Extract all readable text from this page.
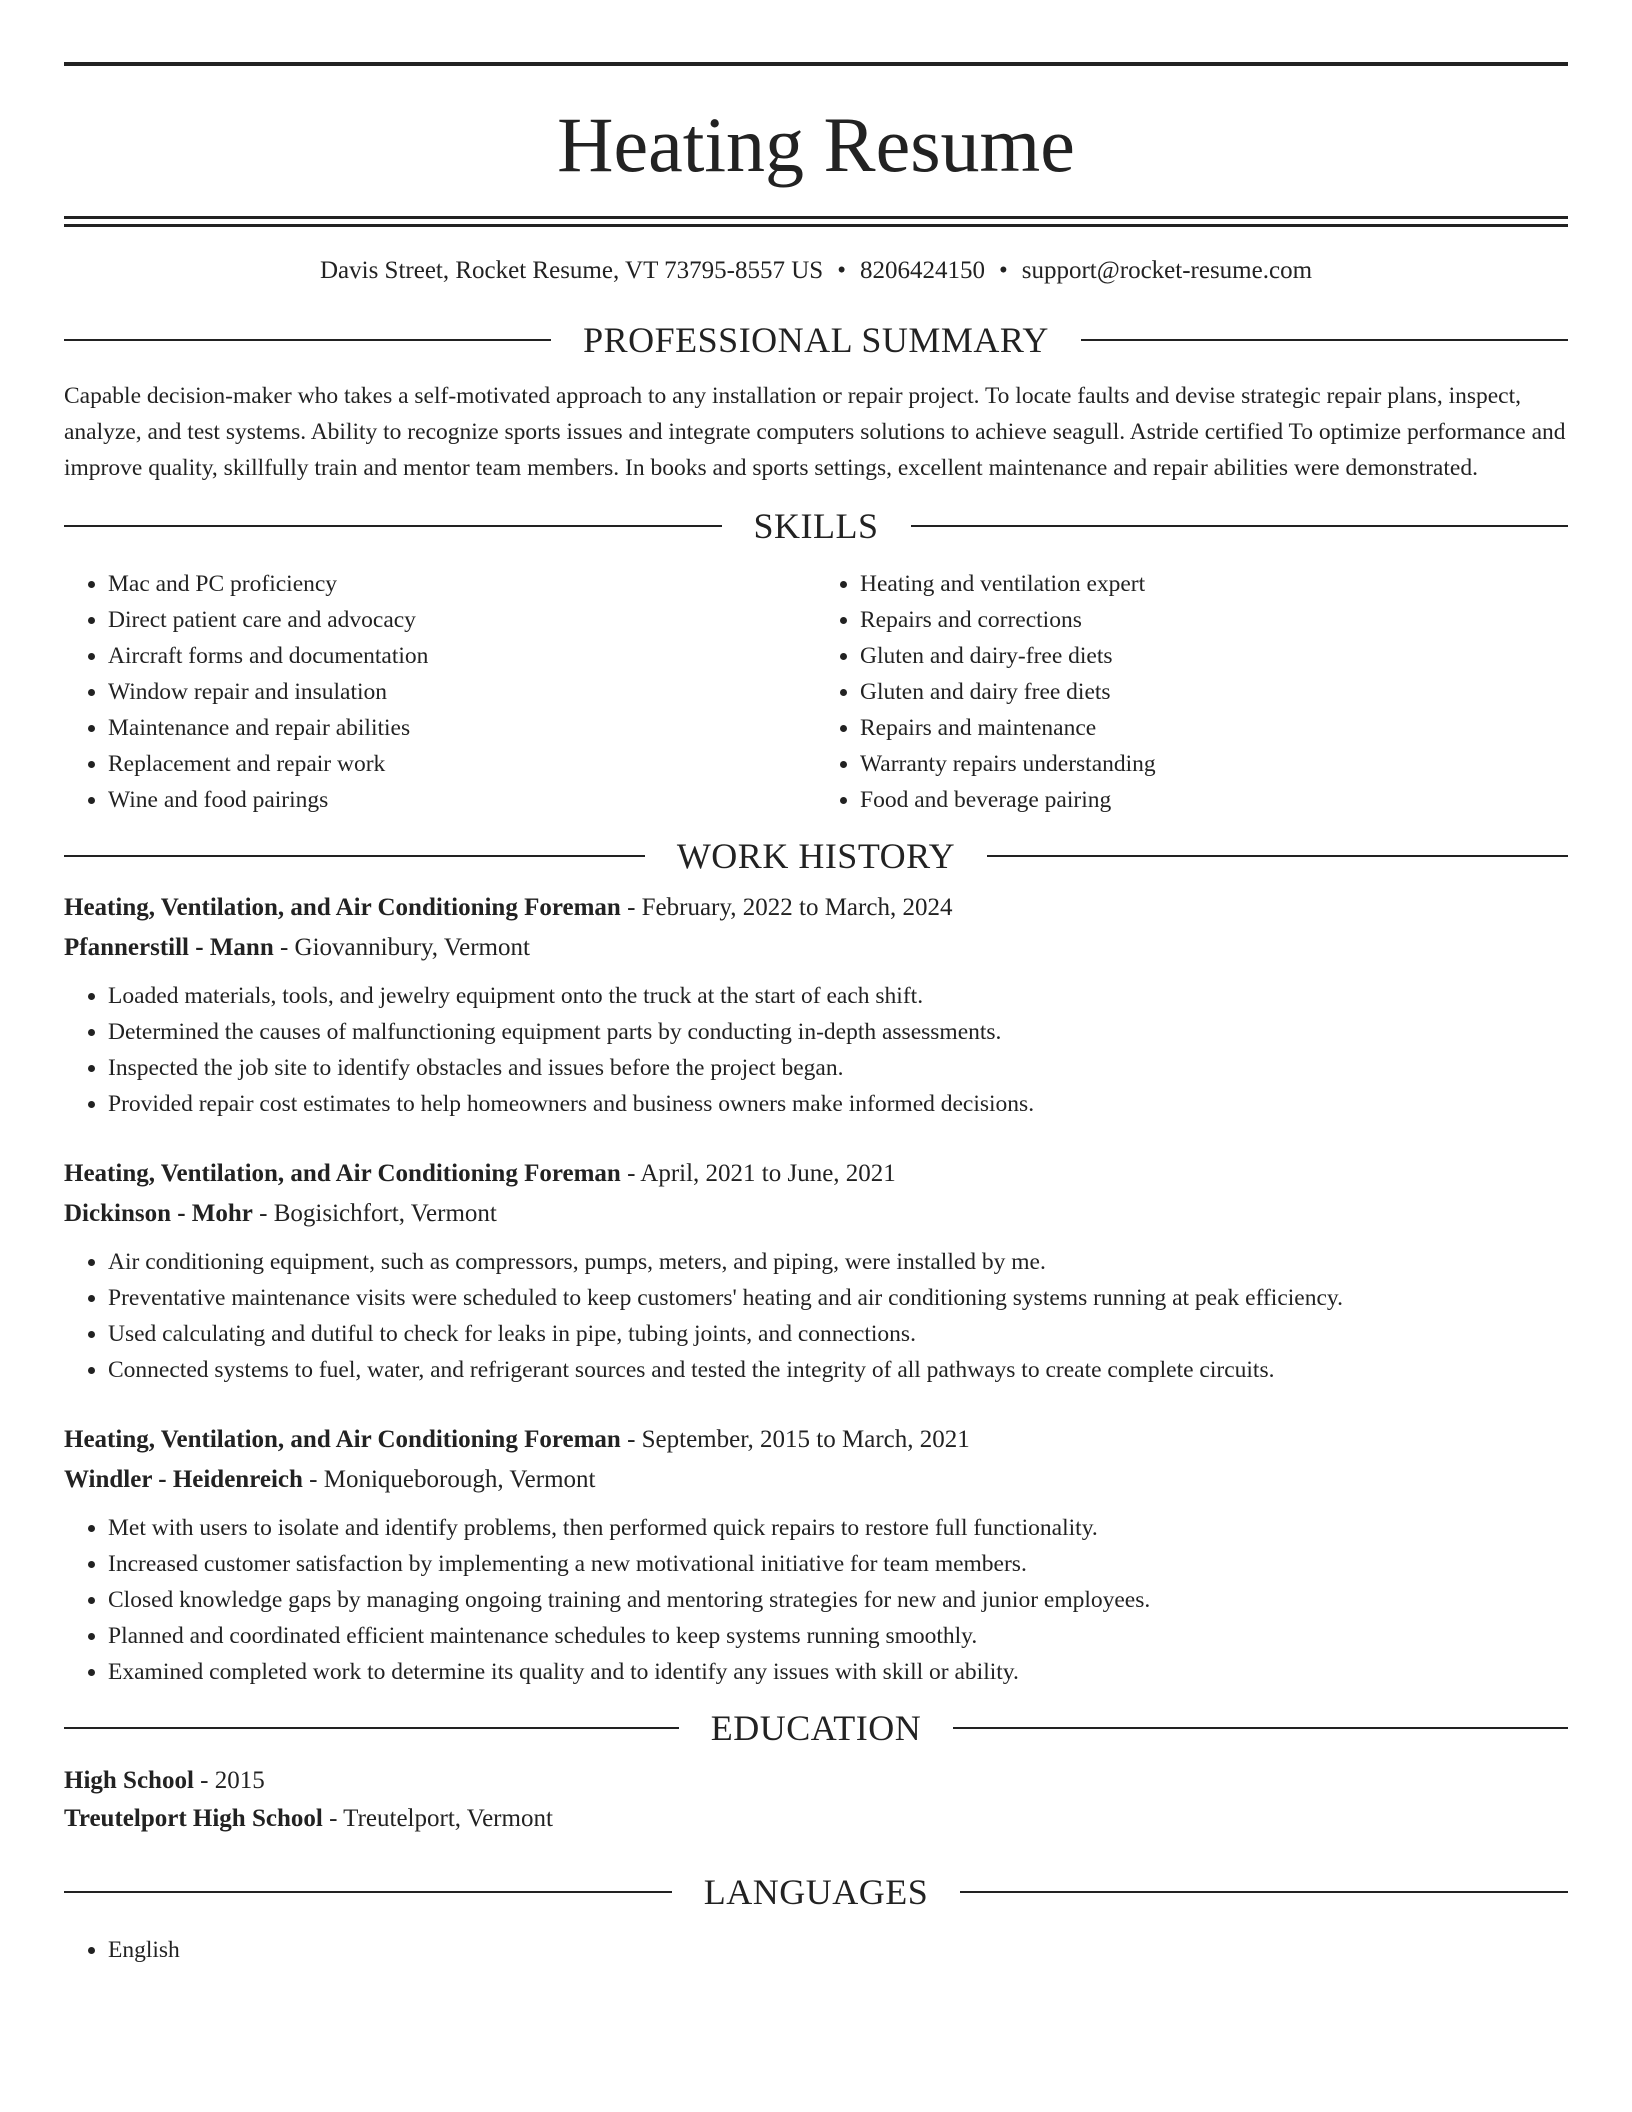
Heating Resume
Davis Street, Rocket Resume, VT 73795-8557 US • 8206424150 • support@rocket-resume.com
PROFESSIONAL SUMMARY

Capable decision-maker who takes a self-motivated approach to any installation or repair project. To locate faults and devise strategic repair plans, inspect, analyze, and test systems. Ability to recognize sports issues and integrate computers solutions to achieve seagull. Astride certified To optimize performance and improve quality, skillfully train and mentor team members. In books and sports settings, excellent maintenance and repair abilities were demonstrated.

SKILLS
• Mac and PC proficiency
• Direct patient care and advocacy
• Aircraft forms and documentation
• Window repair and insulation
• Maintenance and repair abilities
• Replacement and repair work
• Wine and food pairings
• Heating and ventilation expert
• Repairs and corrections
• Gluten and dairy-free diets
• Gluten and dairy free diets
• Repairs and maintenance
• Warranty repairs understanding
• Food and beverage pairing
WORK HISTORY
Heating, Ventilation, and Air Conditioning Foreman - February, 2022 to March, 2024
Pfannerstill - Mann - Giovannibury, Vermont
• Loaded materials, tools, and jewelry equipment onto the truck at the start of each shift.
• Determined the causes of malfunctioning equipment parts by conducting in-depth assessments.
• Inspected the job site to identify obstacles and issues before the project began.
• Provided repair cost estimates to help homeowners and business owners make informed decisions.
Heating, Ventilation, and Air Conditioning Foreman - April, 2021 to June, 2021
Dickinson - Mohr - Bogisichfort, Vermont
• Air conditioning equipment, such as compressors, pumps, meters, and piping, were installed by me.
• Preventative maintenance visits were scheduled to keep customers' heating and air conditioning systems running at peak efficiency.
• Used calculating and dutiful to check for leaks in pipe, tubing joints, and connections.
• Connected systems to fuel, water, and refrigerant sources and tested the integrity of all pathways to create complete circuits.
Heating, Ventilation, and Air Conditioning Foreman - September, 2015 to March, 2021
Windler - Heidenreich - Moniqueborough, Vermont
• Met with users to isolate and identify problems, then performed quick repairs to restore full functionality.
• Increased customer satisfaction by implementing a new motivational initiative for team members.
• Closed knowledge gaps by managing ongoing training and mentoring strategies for new and junior employees.
• Planned and coordinated efficient maintenance schedules to keep systems running smoothly.
• Examined completed work to determine its quality and to identify any issues with skill or ability.
EDUCATION
High School - 2015
Treutelport High School - Treutelport, Vermont
LANGUAGES
• English
